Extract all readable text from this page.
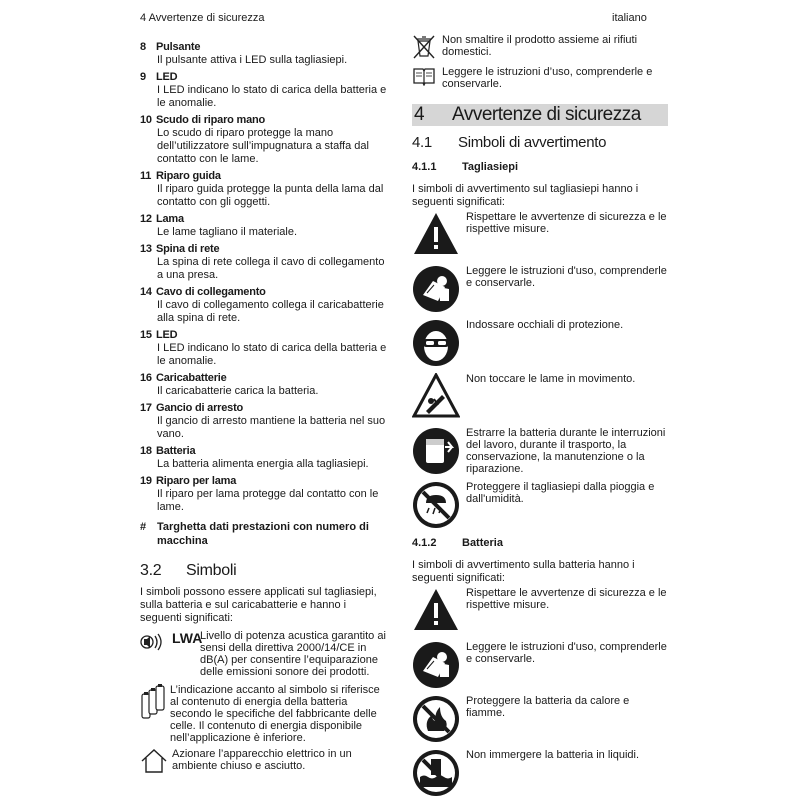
4 Avvertenze di sicurezza	italiano
8 Pulsante
Il pulsante attiva i LED sulla tagliasiepi.
9 LED
I LED indicano lo stato di carica della batteria e le anomalie.
10 Scudo di riparo mano
Lo scudo di riparo protegge la mano dell’utilizzatore sull’impugnatura a staffa dal contatto con le lame.
11 Riparo guida
Il riparo guida protegge la punta della lama dal contatto con gli oggetti.
12 Lama
Le lame tagliano il materiale.
13 Spina di rete
La spina di rete collega il cavo di collegamento a una presa.
14 Cavo di collegamento
Il cavo di collegamento collega il caricabatterie alla spina di rete.
15 LED
I LED indicano lo stato di carica della batteria e le anomalie.
16 Caricabatterie
Il caricabatterie carica la batteria.
17 Gancio di arresto
Il gancio di arresto mantiene la batteria nel suo vano.
18 Batteria
La batteria alimenta energia alla tagliasiepi.
19 Riparo per lama
Il riparo per lama protegge dal contatto con le lame.
# Targhetta dati prestazioni con numero di macchina
3.2	Simboli
I simboli possono essere applicati sul tagliasiepi, sulla batteria e sul caricabatterie e hanno i seguenti significati:
LWA
Livello di potenza acustica garantito ai sensi della direttiva 2000/14/CE in dB(A) per consentire l’equiparazione delle emissioni sonore dei prodotti.
L’indicazione accanto al simbolo si riferisce al contenuto di energia della batteria secondo le specifiche del fabbricante delle celle. Il contenuto di energia disponibile nell’applicazione è inferiore.
Azionare l’apparecchio elettrico in un ambiente chiuso e asciutto.
Non smaltire il prodotto assieme ai rifiuti domestici.
Leggere le istruzioni d’uso, comprenderle e conservarle.
4	Avvertenze di sicurezza
4.1	Simboli di avvertimento
4.1.1	Tagliasiepi
I simboli di avvertimento sul tagliasiepi hanno i seguenti significati:
Rispettare le avvertenze di sicurezza e le rispettive misure.
Leggere le istruzioni d'uso, comprenderle e conservarle.
Indossare occhiali di protezione.
Non toccare le lame in movimento.
Estrarre la batteria durante le interruzioni del lavoro, durante il trasporto, la conservazione, la manutenzione o la riparazione.
Proteggere il tagliasiepi dalla pioggia e dall'umidità.
4.1.2	Batteria
I simboli di avvertimento sulla batteria hanno i seguenti significati:
Rispettare le avvertenze di sicurezza e le rispettive misure.
Leggere le istruzioni d'uso, comprenderle e conservarle.
Proteggere la batteria da calore e fiamme.
Non immergere la batteria in liquidi.
